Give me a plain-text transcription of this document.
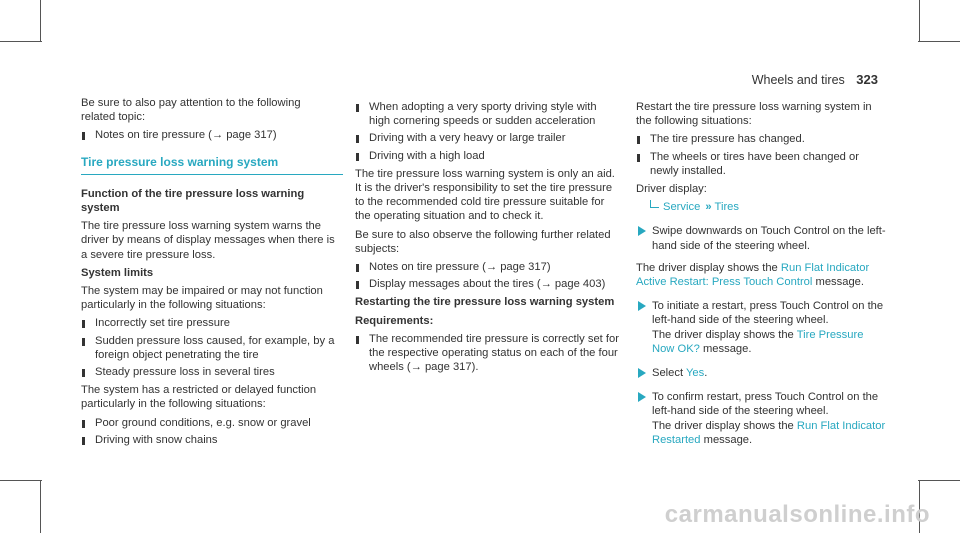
Wheels and tires 323

Be sure to also pay attention to the following
related topic:

Notes on tire pressure (→ page 317)
Tire pressure loss warning system

Function of the tire pressure loss warning system

The tire pressure loss warning system warns the driver by means of display messages when there is a severe tire pressure loss.

System limits

The system may be impaired or may not function particularly in the following situations:

Incorrectly set tire pressure
Sudden pressure loss caused, for example, by a foreign object penetrating the tire
Steady pressure loss in several tires

The system has a restricted or delayed function particularly in the following situations:

Poor ground conditions, e.g. snow or gravel
Driving with snow chains
When adopting a very sporty driving style with high cornering speeds or sudden acceleration
Driving with a very heavy or large trailer
Driving with a high load

The tire pressure loss warning system is only an aid. It is the driver's responsibility to set the tire pressure to the recommended cold tire pressure suitable for the operating situation and to check it.

Be sure to also observe the following further related subjects:

Notes on tire pressure (→ page 317)
Display messages about the tires (→ page 403)

Restarting the tire pressure loss warning system

Requirements:

The recommended tire pressure is correctly set for the respective operating status on each of the four wheels (→ page 317).

Restart the tire pressure loss warning system in the following situations:

The tire pressure has changed.
The wheels or tires have been changed or newly installed.

Driver display:

Service » Tires
Swipe downwards on Touch Control on the left-hand side of the steering wheel.

The driver display shows the Run Flat Indicator Active Restart: Press Touch Control message.

To initiate a restart, press Touch Control on the left-hand side of the steering wheel.
The driver display shows the Tire Pressure Now OK? message.
Select Yes.
To confirm restart, press Touch Control on the left-hand side of the steering wheel.
The driver display shows the Run Flat Indicator Restarted message.
carmanualsonline.info
